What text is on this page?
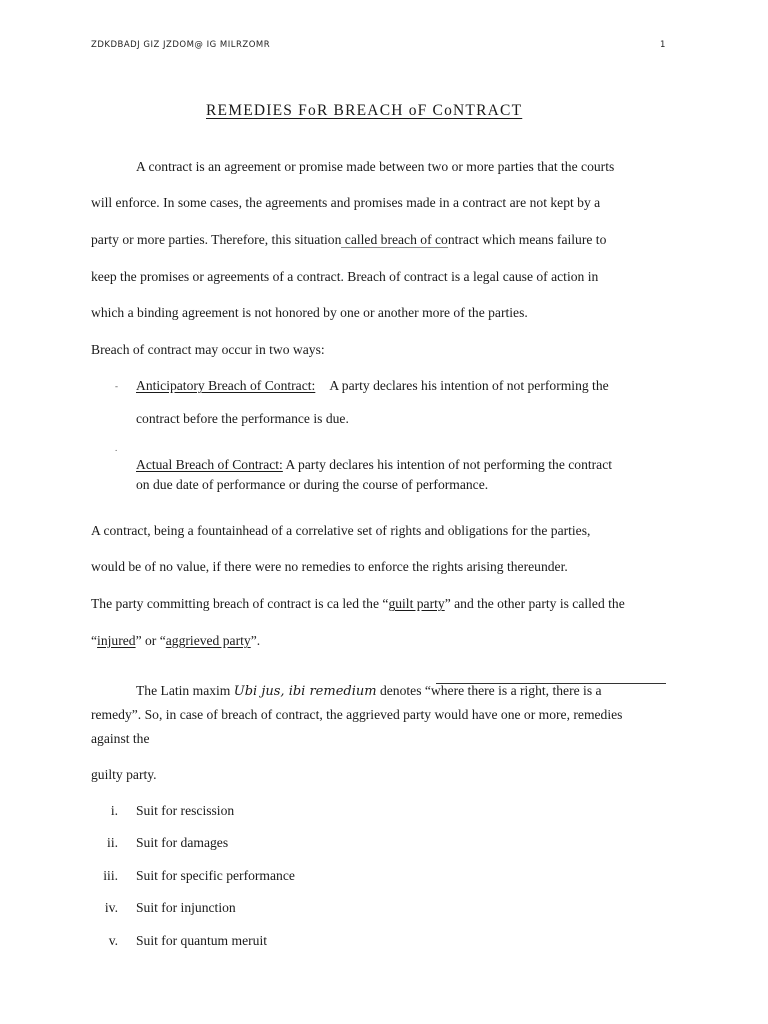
ZDKDBADJ GIZ JZDOM@ IG MILRZOMR	1
REMEDIES FoR BREACH oF CoNTRACT
A contract is an agreement or promise made between two or more parties that the courts
will enforce. In some cases, the agreements and promises made in a contract are not kept by a
party or more parties. Therefore, this situation called breach of contract which means failure to
keep the promises or agreements of a contract. Breach of contract is a legal cause of action in
which a binding agreement is not honored by one or another more of the parties.
Breach of contract may occur in two ways:
- Anticipatory Breach of Contract: A party declares his intention of not performing the
contract before the performance is due.
.
Actual Breach of Contract: A party declares his intention of not performing the contract
on due date of performance or during the course of performance.
A contract, being a fountainhead of a correlative set of rights and obligations for the parties,
would be of no value, if there were no remedies to enforce the rights arising thereunder.
The party committing breach of contract is ca led the “guilt party” and the other party is called the
“injured” or “aggrieved party”.
The Latin maxim Ubi jus, ibi remedium denotes “where there is a right, there is a
remedy”. So, in case of breach of contract, the aggrieved party would have one or more, remedies
against the
guilty party.
i. Suit for rescission
ii. Suit for damages
iii. Suit for specific performance
iv. Suit for injunction
v. Suit for quantum meruit
